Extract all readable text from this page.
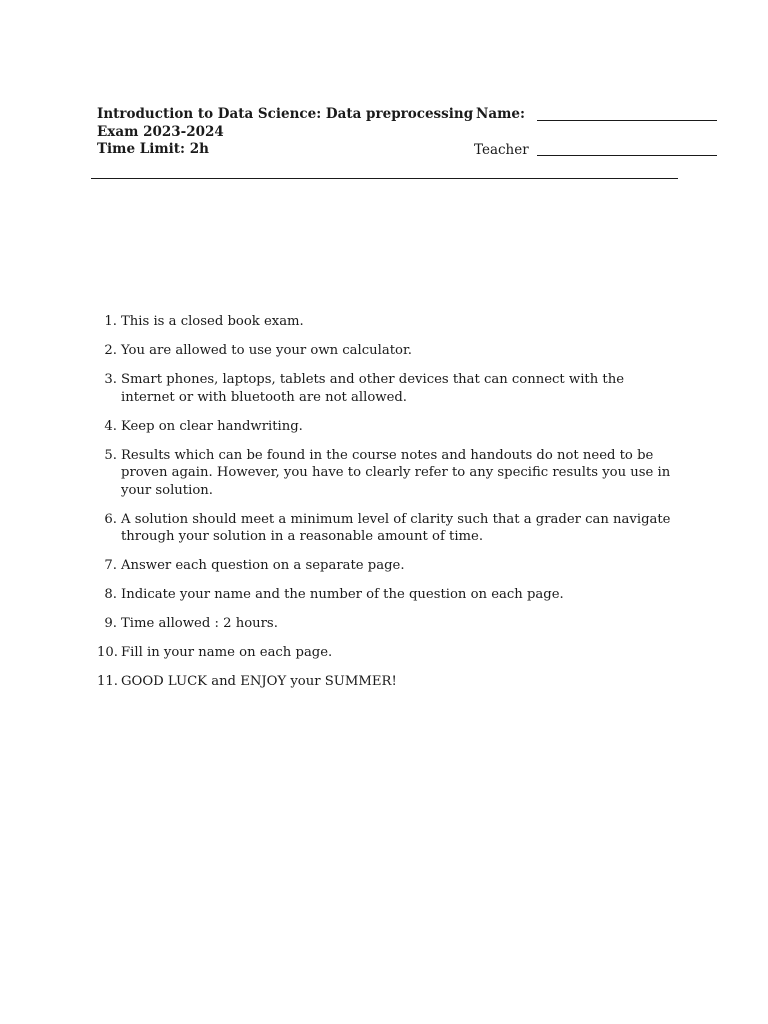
Introduction to Data Science: Data preprocessing
Exam 2023-2024
Time Limit: 2h
Name:
Teacher
1. This is a closed book exam.
2. You are allowed to use your own calculator.
3. Smart phones, laptops, tablets and other devices that can connect with the internet or with bluetooth are not allowed.
4. Keep on clear handwriting.
5. Results which can be found in the course notes and handouts do not need to be proven again. However, you have to clearly refer to any specific results you use in your solution.
6. A solution should meet a minimum level of clarity such that a grader can navigate through your solution in a reasonable amount of time.
7. Answer each question on a separate page.
8. Indicate your name and the number of the question on each page.
9. Time allowed : 2 hours.
10. Fill in your name on each page.
11. GOOD LUCK and ENJOY your SUMMER!
